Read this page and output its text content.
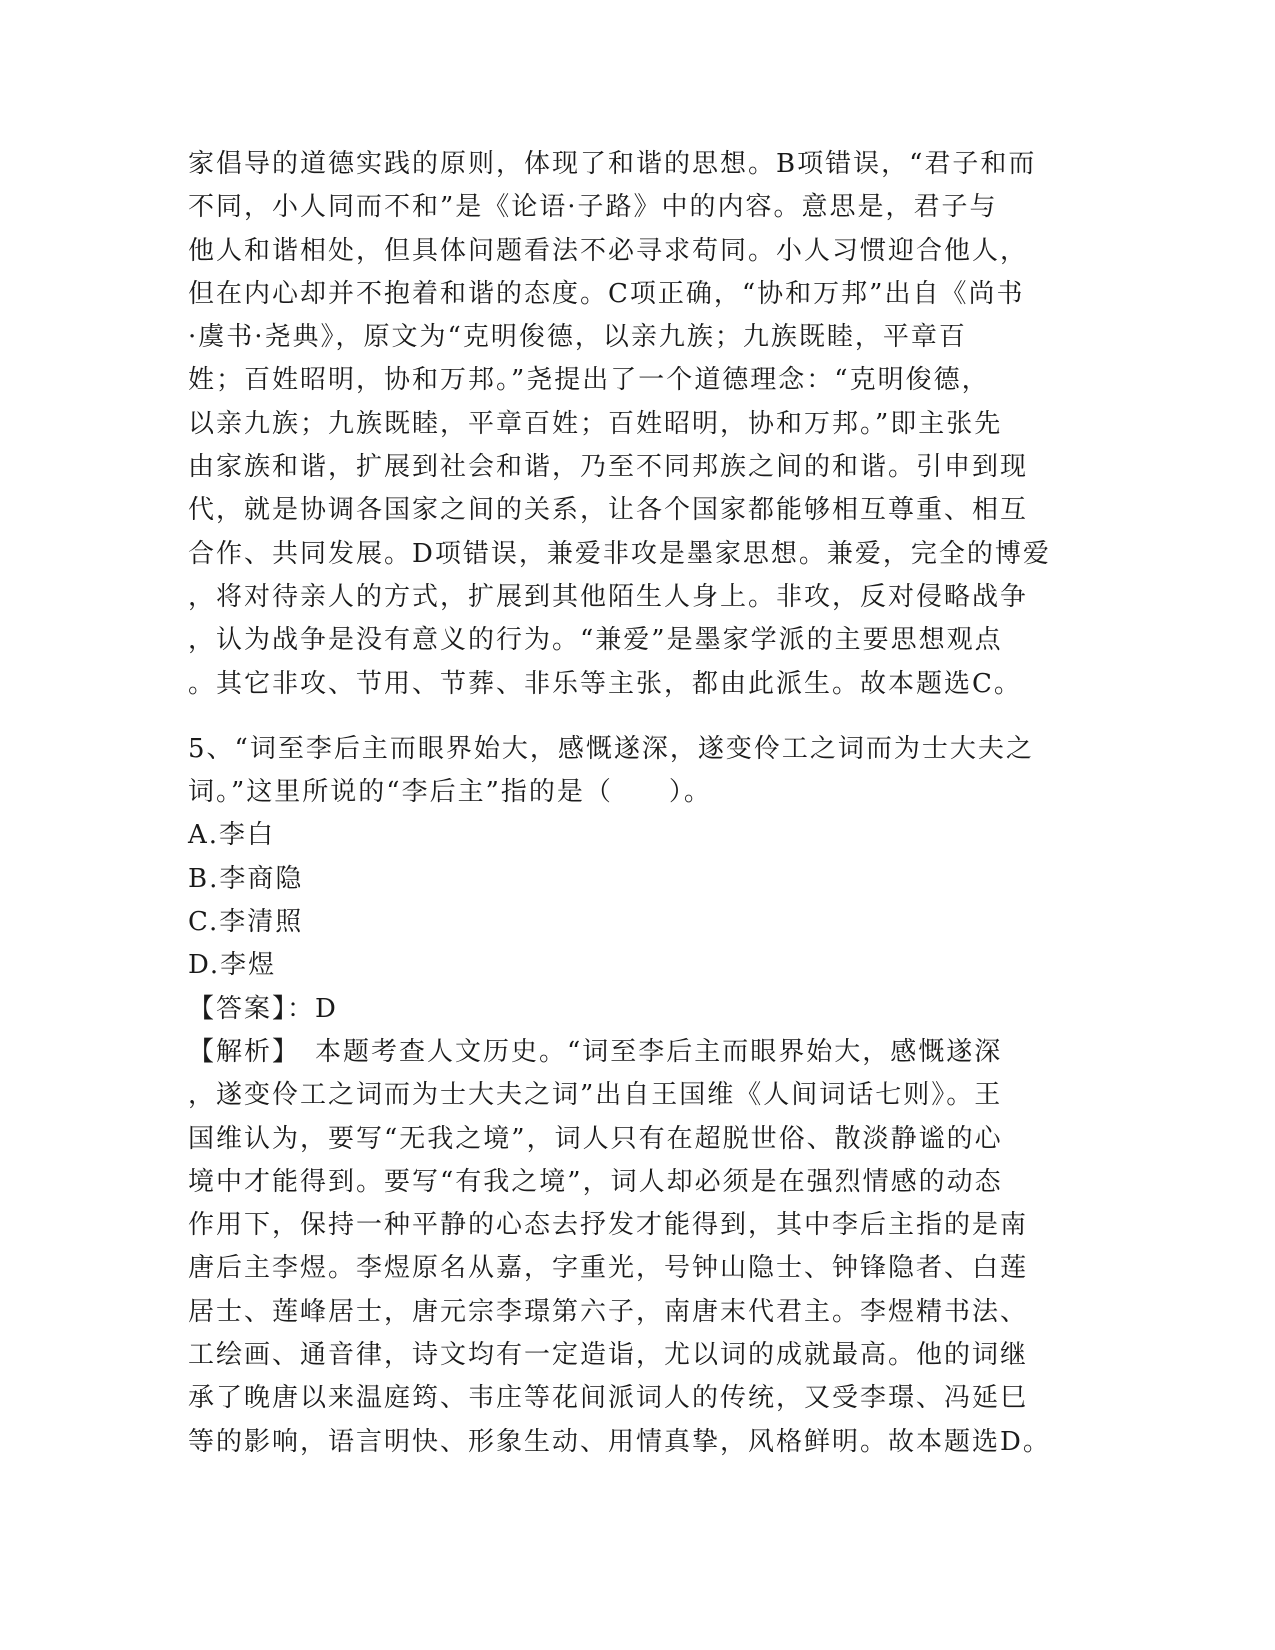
家倡导的道德实践的原则，体现了和谐的思想。B项错误，“君子和而
不同，小人同而不和”是《论语·子路》中的内容。意思是，君子与
他人和谐相处，但具体问题看法不必寻求苟同。小人习惯迎合他人，
但在内心却并不抱着和谐的态度。C项正确，“协和万邦”出自《尚书
·虞书·尧典》，原文为“克明俊德，以亲九族；九族既睦，平章百
姓；百姓昭明，协和万邦。”尧提出了一个道德理念：“克明俊德，
以亲九族；九族既睦，平章百姓；百姓昭明，协和万邦。”即主张先
由家族和谐，扩展到社会和谐，乃至不同邦族之间的和谐。引申到现
代，就是协调各国家之间的关系，让各个国家都能够相互尊重、相互
合作、共同发展。D项错误，兼爱非攻是墨家思想。兼爱，完全的博爱
，将对待亲人的方式，扩展到其他陌生人身上。非攻，反对侵略战争
，认为战争是没有意义的行为。“兼爱”是墨家学派的主要思想观点
。其它非攻、节用、节葬、非乐等主张，都由此派生。故本题选C。
5、“词至李后主而眼界始大，感慨遂深，遂变伶工之词而为士大夫之
词。”这里所说的“李后主”指的是（　　）。
A.李白
B.李商隐
C.李清照
D.李煜
【答案】：D
【解析】　本题考查人文历史。“词至李后主而眼界始大，感慨遂深
，遂变伶工之词而为士大夫之词”出自王国维《人间词话七则》。王
国维认为，要写“无我之境”，词人只有在超脱世俗、散淡静谧的心
境中才能得到。要写“有我之境”，词人却必须是在强烈情感的动态
作用下，保持一种平静的心态去抒发才能得到，其中李后主指的是南
唐后主李煜。李煜原名从嘉，字重光，号钟山隐士、钟锋隐者、白莲
居士、莲峰居士，唐元宗李璟第六子，南唐末代君主。李煜精书法、
工绘画、通音律，诗文均有一定造诣，尤以词的成就最高。他的词继
承了晚唐以来温庭筠、韦庄等花间派词人的传统，又受李璟、冯延巳
等的影响，语言明快、形象生动、用情真挚，风格鲜明。故本题选D。
